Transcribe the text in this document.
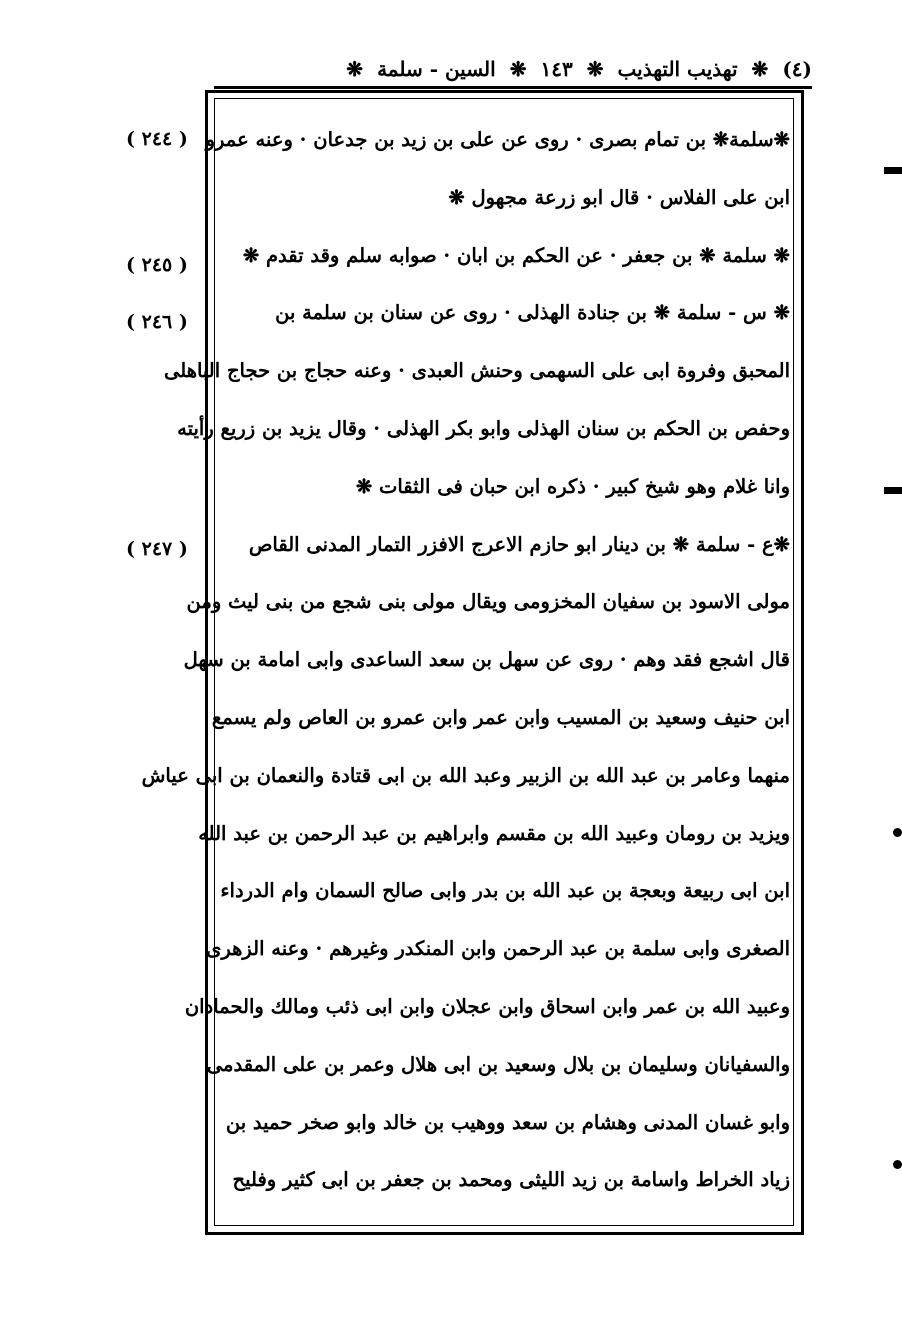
(٤)
❋
تهذيب التهذيب
❋
١٤٣
❋
السين - سلمة
❋
( ٢٤٤ )
( ٢٤٥ )
( ٢٤٦ )
( ٢٤٧ )
❋سلمة❋ بن تمام بصرى · روى عن على بن زيد بن جدعان · وعنه عمرو
ابن على الفلاس · قال ابو زرعة مجهول ❋
❋ سلمة ❋ بن جعفر · عن الحكم بن ابان · صوابه سلم وقد تقدم ❋
❋ س - سلمة ❋ بن جنادة الهذلى · روى عن سنان بن سلمة بن
المحبق وفروة ابى على السهمى وحنش العبدى · وعنه حجاج بن حجاج الباهلى
وحفص بن الحكم بن سنان الهذلى وابو بكر الهذلى · وقال يزيد بن زريع رأيته
وانا غلام وهو شيخ كبير · ذكره ابن حبان فى الثقات ❋
❋ع - سلمة ❋ بن دينار ابو حازم الاعرج الافزر التمار المدنى القاص
مولى الاسود بن سفيان المخزومى ويقال مولى بنى شجع من بنى ليث ومن
قال اشجع فقد وهم · روى عن سهل بن سعد الساعدى وابى امامة بن سهل
ابن حنيف وسعيد بن المسيب وابن عمر وابن عمرو بن العاص ولم يسمع
منهما وعامر بن عبد الله بن الزبير وعبد الله بن ابى قتادة والنعمان بن ابى عياش
ويزيد بن رومان وعبيد الله بن مقسم وابراهيم بن عبد الرحمن بن عبد الله
ابن ابى ربيعة وبعجة بن عبد الله بن بدر وابى صالح السمان وام الدرداء
الصغرى وابى سلمة بن عبد الرحمن وابن المنكدر وغيرهم · وعنه الزهرى
وعبيد الله بن عمر وابن اسحاق وابن عجلان وابن ابى ذئب ومالك والحمادان
والسفيانان وسليمان بن بلال وسعيد بن ابى هلال وعمر بن على المقدمى
وابو غسان المدنى وهشام بن سعد ووهيب بن خالد وابو صخر حميد بن
زياد الخراط واسامة بن زيد الليثى ومحمد بن جعفر بن ابى كثير وفليح
